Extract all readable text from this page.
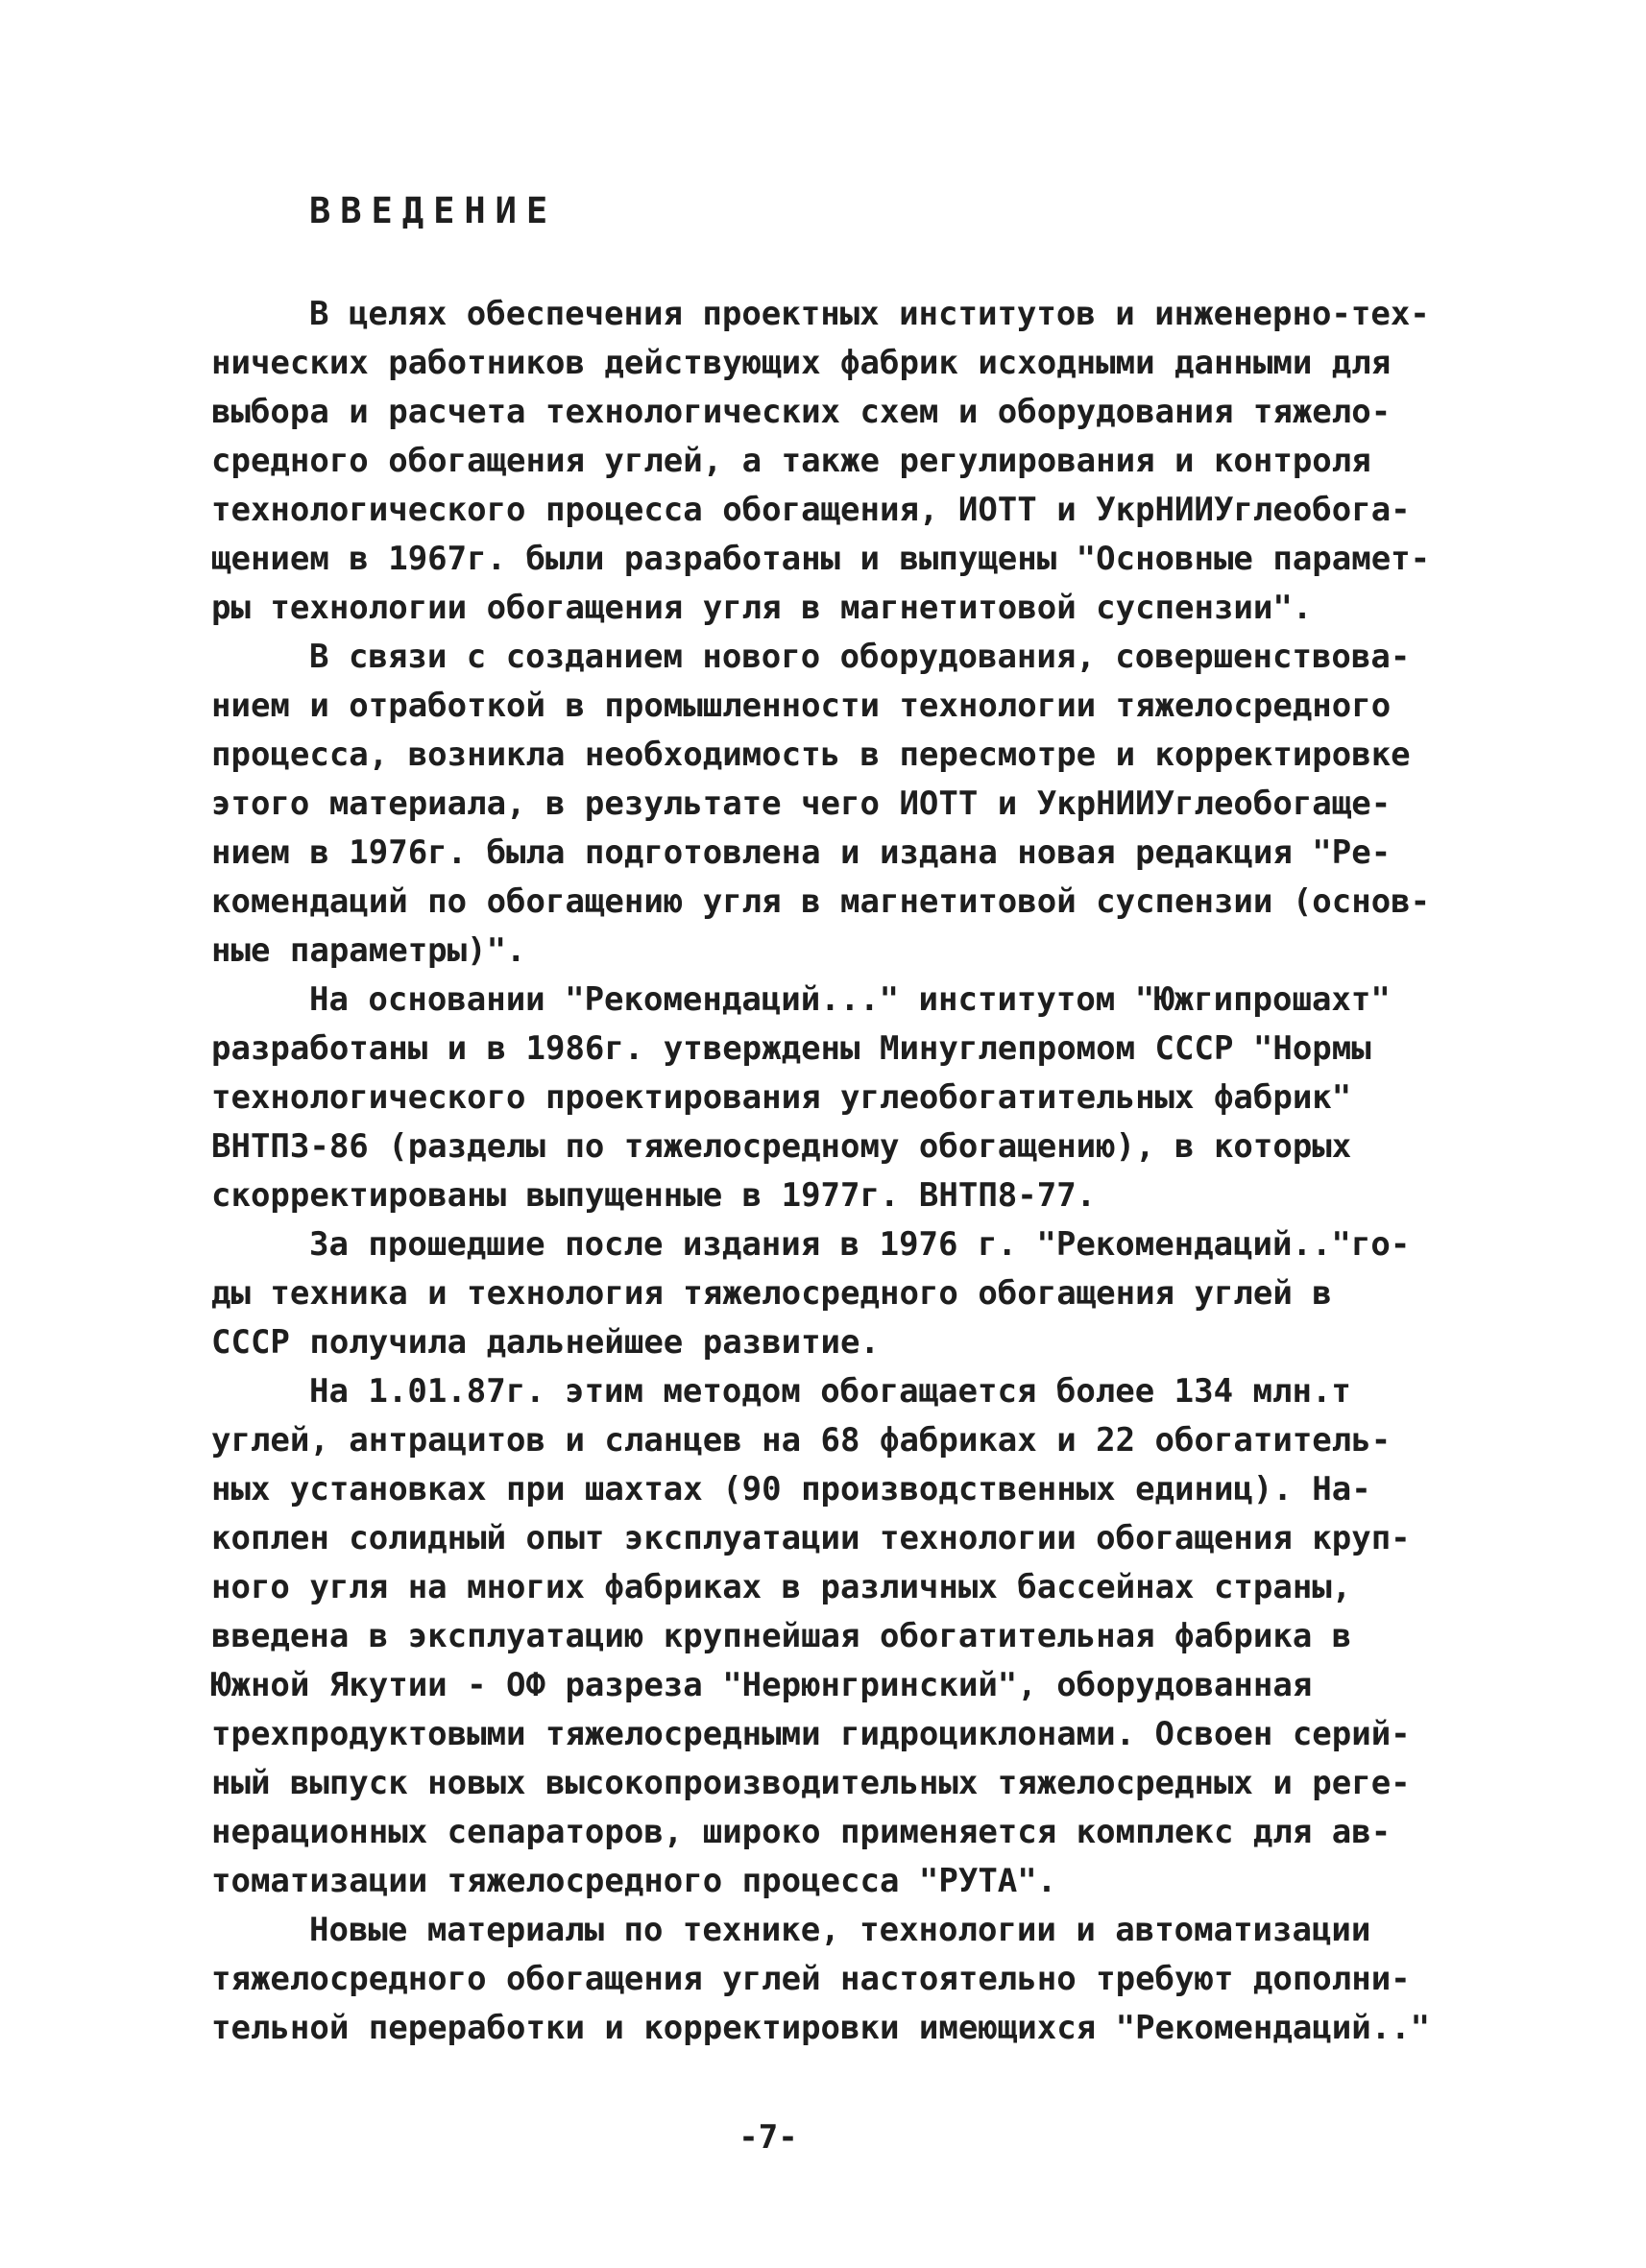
ВВЕДЕНИЕ
В целях обеспечения проектных институтов и инженерно-тех-
нических работников действующих фабрик исходными данными для
выбора и расчета технологических схем и оборудования тяжело-
средного обогащения углей, а также регулирования и контроля
технологического процесса обогащения, ИОТТ и УкрНИИУглеобога-
щением в 1967г. были разработаны и выпущены "Основные парамет-
ры технологии обогащения угля в магнетитовой суспензии".
В связи с созданием нового оборудования, совершенствова-
нием и отработкой в промышленности технологии тяжелосредного
процесса, возникла необходимость в пересмотре и корректировке
этого материала, в результате чего ИОТТ и УкрНИИУглеобогаще-
нием в 1976г. была подготовлена и издана новая редакция "Ре-
комендаций по обогащению угля в магнетитовой суспензии (основ-
ные параметры)".
На основании "Рекомендаций..." институтом "Южгипрошахт"
разработаны и в 1986г. утверждены Минуглепромом СССР "Нормы
технологического проектирования углеобогатительных фабрик"
ВНТП3-86 (разделы по тяжелосредному обогащению), в которых
скорректированы выпущенные в 1977г. ВНТП8-77.
За прошедшие после издания в 1976 г. "Рекомендаций.."го-
ды техника и технология тяжелосредного обогащения углей в
СССР получила дальнейшее развитие.
На 1.01.87г. этим методом обогащается более 134 млн.т
углей, антрацитов и сланцев на 68 фабриках и 22 обогатитель-
ных установках при шахтах (90 производственных единиц). На-
коплен солидный опыт эксплуатации технологии обогащения круп-
ного угля на многих фабриках в различных бассейнах страны,
введена в эксплуатацию крупнейшая обогатительная фабрика в
Южной Якутии - ОФ разреза "Нерюнгринский", оборудованная
трехпродуктовыми тяжелосредными гидроциклонами. Освоен серий-
ный выпуск новых высокопроизводительных тяжелосредных и реге-
нерационных сепараторов, широко применяется комплекс для ав-
томатизации тяжелосредного процесса "РУТА".
Новые материалы по технике, технологии и автоматизации
тяжелосредного обогащения углей настоятельно требуют дополни-
тельной переработки и корректировки имеющихся "Рекомендаций.."
-7-
